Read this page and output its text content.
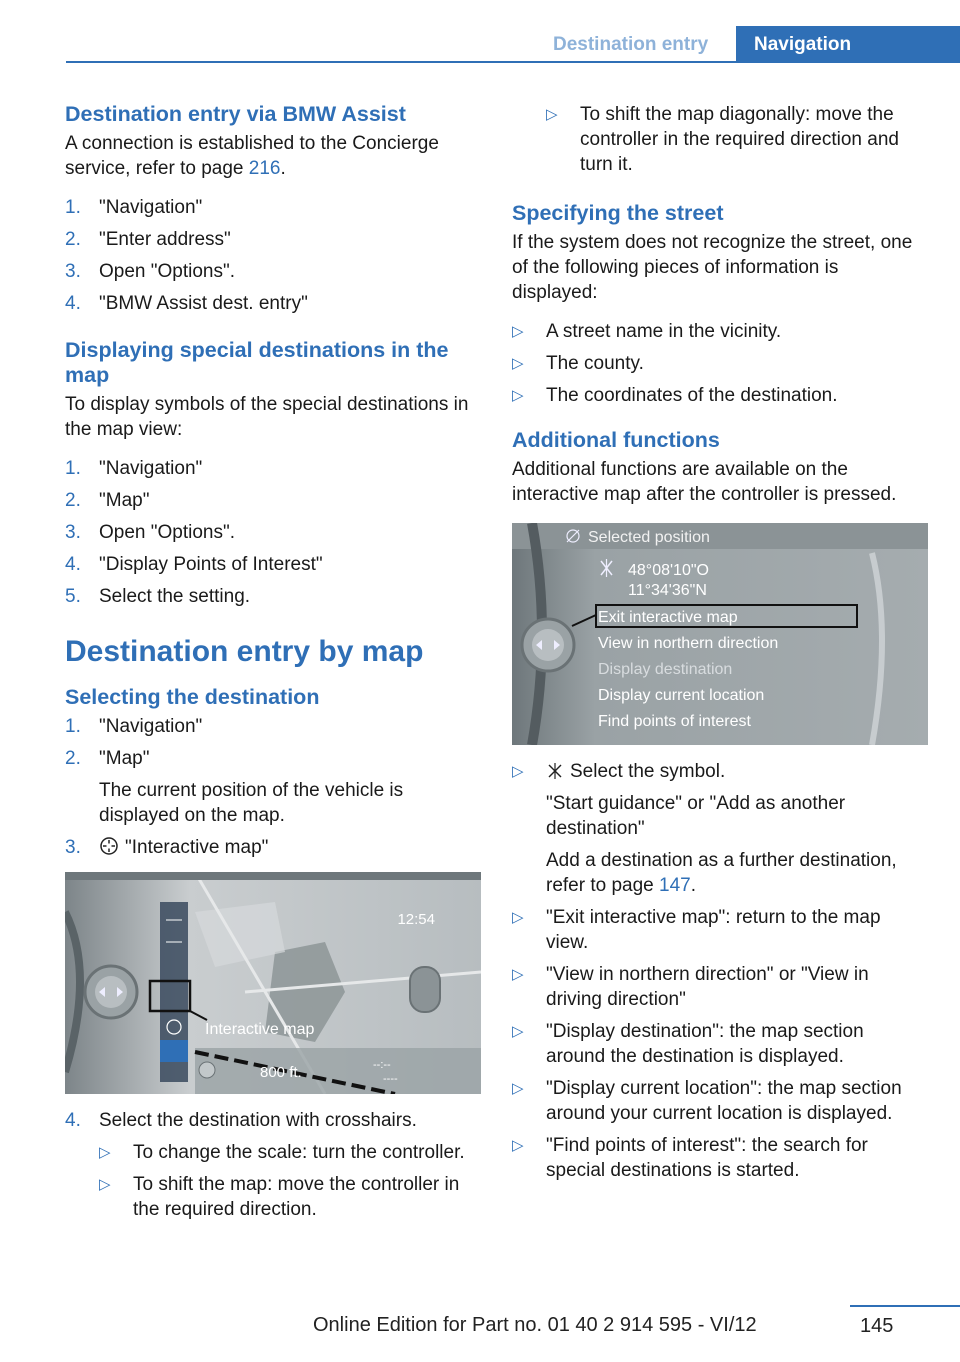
Destination entry Navigation
Destination entry via BMW Assist

A connection is established to the Concierge service, refer to page 216.

1. "Navigation"
2. "Enter address"
3. Open "Options".
4. "BMW Assist dest. entry"
Displaying special destinations in the map

To display symbols of the special destinations in the map view:

1. "Navigation"
2. "Map"
3. Open "Options".
4. "Display Points of Interest"
5. Select the setting.
Destination entry by map
Selecting the destination
1. "Navigation"
2. "Map"
The current position of the vehicle is displayed on the map.
3. "Interactive map"
12:54
Interactive map
800 ft.	--:--
----
4. Select the destination with crosshairs.
▷ To change the scale: turn the controller.
▷ To shift the map: move the controller in the required direction.
▷ To shift the map diagonally: move the controller in the required direction and turn it.
Specifying the street

If the system does not recognize the street, one of the following pieces of information is displayed:

▷ A street name in the vicinity.
▷ The county.
▷ The coordinates of the destination.
Additional functions

Additional functions are available on the interactive map after the controller is pressed.

Selected position
48°08'10"O
11°34'36"N
Exit interactive map
View in northern direction
Display destination
Display current location
Find points of interest
▷ Select the symbol.
"Start guidance" or "Add as another destination"
Add a destination as a further destination, refer to page 147.
▷ "Exit interactive map": return to the map view.
▷ "View in northern direction" or "View in driving direction"
▷ "Display destination": the map section around the destination is displayed.
▷ "Display current location": the map section around your current location is displayed.
▷ "Find points of interest": the search for special destinations is started.
145
Online Edition for Part no. 01 40 2 914 595 - VI/12
